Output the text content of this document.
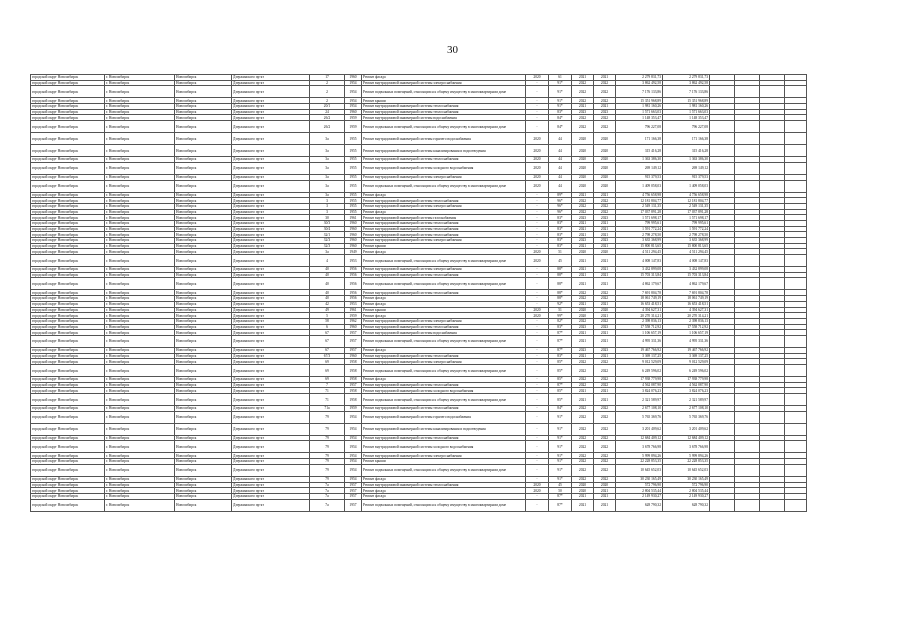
30
городской округ Новосибирск	г. Новосибирск	Новосибирск	Дзержинского пр-кт	17	1960	Ремонт фасада	2020	61	2021	2021	2 279 831,73	2 279 831,73				
городской округ Новосибирск	г. Новосибирск	Новосибирск	Дзержинского пр-кт	2	1954	Ремонт внутридомовой инженерной системы электроснабжения	-	91*	2022	2022	3 862 492,58	3 862 492,58				
городской округ Новосибирск	г. Новосибирск	Новосибирск	Дзержинского пр-кт	2	1954	Ремонт подвальных помещений, относящихся к общему имуществу в многоквартирном доме	-	91*	2022	2022	7 176 133,86	7 176 133,86				
городской округ Новосибирск	г. Новосибирск	Новосибирск	Дзержинского пр-кт	2	1954	Ремонт крыши	-	91*	2022	2022	15 351 968,89	15 351 968,89				
городской округ Новосибирск	г. Новосибирск	Новосибирск	Дзержинского пр-кт	20/1	1954	Ремонт внутридомовой инженерной системы теплоснабжения	-	91*	2021	2021	1 981 160,26	1 981 160,26				
городской округ Новосибирск	г. Новосибирск	Новосибирск	Дзержинского пр-кт	24	1960	Ремонт внутридомовой инженерной системы теплоснабжения	-	83*	2023	2023	1 571 663,03	1 571 663,03				
городской округ Новосибирск	г. Новосибирск	Новосибирск	Дзержинского пр-кт	26/2	1959	Ремонт внутридомовой инженерной системы водоснабжения	-	84*	2022	2022	1 148 353,47	1 148 353,47				
городской округ Новосибирск	г. Новосибирск	Новосибирск	Дзержинского пр-кт	26/2	1959	Ремонт подвальных помещений, относящихся к общему имуществу в многоквартирном доме	-	84*	2022	2022	796 227,08	796 227,08				
городской округ Новосибирск	г. Новосибирск	Новосибирск	Дзержинского пр-кт	3а	1955	Ремонт внутридомовой инженерной системы горячего водоснабжения	2020	44	2020	2020	171 166,38	171 166,38				
городской округ Новосибирск	г. Новосибирск	Новосибирск	Дзержинского пр-кт	3а	1955	Ремонт внутридомовой инженерной системы канализирования и водоотведения	2020	44	2020	2020	315 416,28	315 416,28				
городской округ Новосибирск	г. Новосибирск	Новосибирск	Дзержинского пр-кт	3а	1955	Ремонт внутридомовой инженерной системы теплоснабжения	2020	44	2020	2020	1 363 386,30	1 363 386,30				
городской округ Новосибирск	г. Новосибирск	Новосибирск	Дзержинского пр-кт	3а	1955	Ремонт внутридомовой инженерной системы холодного водоснабжения	2020	44	2020	2020	269 149,12	269 149,12				
городской округ Новосибирск	г. Новосибирск	Новосибирск	Дзержинского пр-кт	3а	1955	Ремонт внутридомовой инженерной системы электроснабжения	2020	44	2020	2020	915 379,53	915 379,53				
городской округ Новосибирск	г. Новосибирск	Новосибирск	Дзержинского пр-кт	3а	1955	Ремонт подвальных помещений, относящихся к общему имуществу в многоквартирном доме	2020	44	2020	2020	1 409 058,03	1 409 058,03				
городской округ Новосибирск	г. Новосибирск	Новосибирск	Дзержинского пр-кт	3а	1955	Ремонт фасада	-	89*	2021	2021	4 756 658,98	4 756 658,98				
городской округ Новосибирск	г. Новосибирск	Новосибирск	Дзержинского пр-кт	3	1955	Ремонт внутридомовой инженерной системы теплоснабжения	-	96*	2022	2022	12 181 804,77	12 181 804,77				
городской округ Новосибирск	г. Новосибирск	Новосибирск	Дзержинского пр-кт	3	1955	Ремонт внутридомовой инженерной системы электроснабжения	-	96*	2022	2022	2 549 131,35	2 549 131,35				
городской округ Новосибирск	г. Новосибирск	Новосибирск	Дзержинского пр-кт	3	1955	Ремонт фасада	-	96*	2022	2022	17 037 891,28	17 037 891,28				
городской округ Новосибирск	г. Новосибирск	Новосибирск	Дзержинского пр-кт	30	1961	Ремонт внутридомовой инженерной системы газоснабжения	-	83*	2023	2023	1 571 698,17	1 571 698,17				
городской округ Новосибирск	г. Новосибирск	Новосибирск	Дзержинского пр-кт	30/3	1960	Ремонт внутридомовой инженерной системы теплоснабжения	-	83*	2021	2021	799 995,61	799 995,61				
городской округ Новосибирск	г. Новосибирск	Новосибирск	Дзержинского пр-кт	30/4	1960	Ремонт внутридомовой инженерной системы теплоснабжения	-	83*	2021	2021	1 591 772,24	1 591 772,24				
городской округ Новосибирск	г. Новосибирск	Новосибирск	Дзержинского пр-кт	32/1	1960	Ремонт внутридомовой инженерной системы теплоснабжения	-	83*	2021	2021	2 798 278,50	2 798 278,50				
городской округ Новосибирск	г. Новосибирск	Новосибирск	Дзержинского пр-кт	32/3	1960	Ремонт внутридомовой инженерной системы электроснабжения	-	83*	2023	2023	3 635 368,99	3 635 368,99				
городской округ Новосибирск	г. Новосибирск	Новосибирск	Дзержинского пр-кт	32/3	1960	Ремонт крыши	-	83*	2021	2021	15 800 813,65	15 800 813,65				
городской округ Новосибирск	г. Новосибирск	Новосибирск	Дзержинского пр-кт	3а	1949	Ремонт фасада	2020	51	2020	2020	4 511 294,45	4 511 294,45				
городской округ Новосибирск	г. Новосибирск	Новосибирск	Дзержинского пр-кт	4	1953	Ремонт подвальных помещений, относящихся к общему имуществу в многоквартирном доме	2020	45	2021	2021	4 008 147,83	4 008 147,83				
городской округ Новосибирск	г. Новосибирск	Новосибирск	Дзержинского пр-кт	40	1956	Ремонт внутридомовой инженерной системы электроснабжения	-	88*	2021	2021	3 432 899,08	3 432 899,08				
городской округ Новосибирск	г. Новосибирск	Новосибирск	Дзержинского пр-кт	40	1956	Ремонт внутридомовой инженерной системы теплоснабжения	-	88*	2021	2021	15 703 313,84	15 703 313,84				
городской округ Новосибирск	г. Новосибирск	Новосибирск	Дзержинского пр-кт	40	1956	Ремонт подвальных помещений, относящихся к общему имуществу в многоквартирном доме	-	88*	2021	2021	4 862 179,67	4 862 179,67				
городской округ Новосибирск	г. Новосибирск	Новосибирск	Дзержинского пр-кт	40	1956	Ремонт внутридомовой инженерной системы теплоснабжения	-	88*	2022	2022	7 691 804,78	7 691 804,78				
городской округ Новосибирск	г. Новосибирск	Новосибирск	Дзержинского пр-кт	40	1956	Ремонт фасада	-	88*	2022	2022	18 061 749,19	18 061 749,19				
городской округ Новосибирск	г. Новосибирск	Новосибирск	Дзержинского пр-кт	42	1953	Ремонт фасада	-	92*	2021	2021	16 653 418,51	16 653 418,51				
городской округ Новосибирск	г. Новосибирск	Новосибирск	Дзержинского пр-кт	49	1961	Ремонт крыши	2020	51	2020	2020	4 394 627,31	4 394 627,31				
городской округ Новосибирск	г. Новосибирск	Новосибирск	Дзержинского пр-кт	5	1959	Ремонт фасада	2020	99*	2020	2021	20 270 314,21	20 270 314,21				
городской округ Новосибирск	г. Новосибирск	Новосибирск	Дзержинского пр-кт	58	1962	Ремонт внутридомовой инженерной системы электроснабжения	-	82*	2022	2022	2 398 836,13	2 398 836,13				
городской округ Новосибирск	г. Новосибирск	Новосибирск	Дзержинского пр-кт	6	1960	Ремонт внутридомовой инженерной системы теплоснабжения	-	83*	2023	2023	17 558 712,92	17 558 712,92				
городской округ Новосибирск	г. Новосибирск	Новосибирск	Дзержинского пр-кт	67	1957	Ремонт внутридомовой инженерной системы водоснабжения	-	87*	2021	2021	1 106 657,19	1 106 657,19				
городской округ Новосибирск	г. Новосибирск	Новосибирск	Дзержинского пр-кт	67	1957	Ремонт подвальных помещений, относящихся к общему имуществу в многоквартирном доме	-	87*	2021	2021	4 995 331,36	4 995 331,36				
городской округ Новосибирск	г. Новосибирск	Новосибирск	Дзержинского пр-кт	67	1957	Ремонт фасада	-	87*	2023	2023	19 467 766,92	19 467 766,92				
городской округ Новосибирск	г. Новосибирск	Новосибирск	Дзержинского пр-кт	67/3	1960	Ремонт внутридомовой инженерной системы теплоснабжения	-	83*	2021	2021	3 369 137,25	3 369 137,25				
городской округ Новосибирск	г. Новосибирск	Новосибирск	Дзержинского пр-кт	69	1958	Ремонт внутридомовой инженерной системы электроснабжения	-	85*	2022	2022	9 012 529,09	9 012 529,09				
городской округ Новосибирск	г. Новосибирск	Новосибирск	Дзержинского пр-кт	69	1958	Ремонт подвальных помещений, относящихся к общему имуществу в многоквартирном доме	-	85*	2022	2022	6 249 596,02	6 249 596,02				
городской округ Новосибирск	г. Новосибирск	Новосибирск	Дзержинского пр-кт	69	1958	Ремонт фасада	-	85*	2022	2022	17 938 779,98	17 938 779,98				
городской округ Новосибирск	г. Новосибирск	Новосибирск	Дзержинского пр-кт	7	1957	Ремонт внутридомовой инженерной системы теплоснабжения	-	87*	2022	2022	4 562 087,90	4 562 087,90				
городской округ Новосибирск	г. Новосибирск	Новосибирск	Дзержинского пр-кт	71	1958	Ремонт внутридомовой инженерной системы холодного водоснабжения	-	85*	2021	2021	3 824 076,23	3 824 076,23				
городской округ Новосибирск	г. Новосибирск	Новосибирск	Дзержинского пр-кт	71	1958	Ремонт подвальных помещений, относящихся к общему имуществу в многоквартирном доме	-	85*	2021	2021	2 321 589,97	2 321 589,97				
городской округ Новосибирск	г. Новосибирск	Новосибирск	Дзержинского пр-кт	71а	1959	Ремонт внутридомовой инженерной системы теплоснабжения	-	84*	2022	2022	2 677 108,10	2 677 108,10				
городской округ Новосибирск	г. Новосибирск	Новосибирск	Дзержинского пр-кт	79	1954	Ремонт внутридомовой инженерной системы горячего водоснабжения	-	91*	2022	2022	5 765 369,76	5 765 369,76				
городской округ Новосибирск	г. Новосибирск	Новосибирск	Дзержинского пр-кт	79	1954	Ремонт внутридомовой инженерной системы канализирования и водоотведения	-	91*	2022	2022	3 201 409,62	3 201 409,62				
городской округ Новосибирск	г. Новосибирск	Новосибирск	Дзержинского пр-кт	79	1954	Ремонт внутридомовой инженерной системы теплоснабжения	-	91*	2022	2022	12 684 409,12	12 684 409,12				
городской округ Новосибирск	г. Новосибирск	Новосибирск	Дзержинского пр-кт	79	1954	Ремонт внутридомовой инженерной системы холодного водоснабжения	-	91*	2022	2022	3 678 766,98	3 678 766,98				
городской округ Новосибирск	г. Новосибирск	Новосибирск	Дзержинского пр-кт	79	1954	Ремонт внутридомовой инженерной системы электроснабжения	-	91*	2022	2022	5 999 894,26	5 999 894,26				
городской округ Новосибирск	г. Новосибирск	Новосибирск	Дзержинского пр-кт	79	1954	Ремонт крыши	-	91*	2022	2022	22 228 853,35	22 228 853,35				
городской округ Новосибирск	г. Новосибирск	Новосибирск	Дзержинского пр-кт	79	1954	Ремонт подвальных помещений, относящихся к общему имуществу в многоквартирном доме	-	91*	2022	2022	10 645 652,03	10 645 652,03				
городской округ Новосибирск	г. Новосибирск	Новосибирск	Дзержинского пр-кт	79	1954	Ремонт фасада	-	91*	2022	2022	30 230 165,49	30 230 165,49				
городской округ Новосибирск	г. Новосибирск	Новосибирск	Дзержинского пр-кт	7а	1957	Ремонт внутридомовой инженерной системы теплоснабжения	2020	45	2020	2020	572 796,90	572 796,90				
городской округ Новосибирск	г. Новосибирск	Новосибирск	Дзержинского пр-кт	7а	1957	Ремонт фасада	2020	50	2020	2021	2 804 535,44	2 804 535,44				
городской округ Новосибирск	г. Новосибирск	Новосибирск	Дзержинского пр-кт	7а	1957	Ремонт фасада	-	87*	2021	2021	2 149 930,27	2 149 930,27				
городской округ Новосибирск	г. Новосибирск	Новосибирск	Дзержинского пр-кт	7а	1957	Ремонт подвальных помещений, относящихся к общему имуществу в многоквартирном доме	-	87*	2021	2021	628 790,32	628 790,32				
